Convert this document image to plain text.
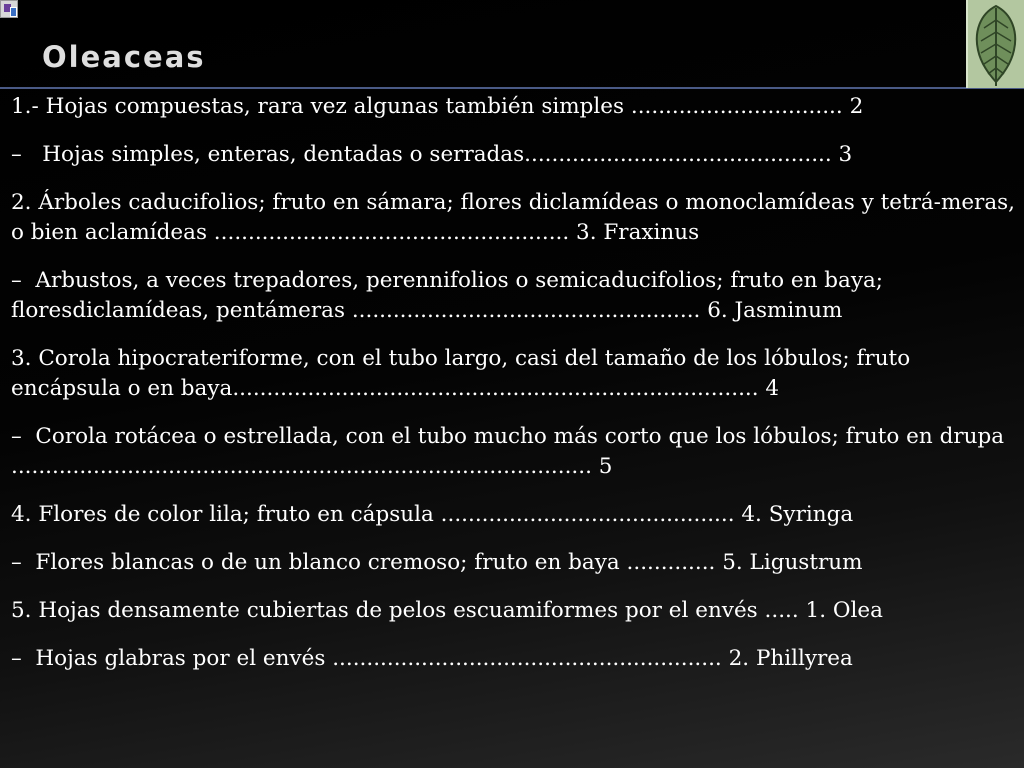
Oleaceas

1.- Hojas compuestas, rara vez algunas también simples ............................... 2

–   Hojas simples, enteras, dentadas o serradas............................................. 3

2. Árboles caducifolios; fruto en sámara; flores diclamídeas o monoclamídeas y tetrá-meras, o bien aclamídeas .................................................... 3. Fraxinus

–  Arbustos, a veces trepadores, perennifolios o semicaducifolios; fruto en baya; floresdiclamídeas, pentámeras ................................................... 6. Jasminum

3. Corola hipocrateriforme, con el tubo largo, casi del tamaño de los lóbulos; fruto encápsula o en baya............................................................................. 4

–  Corola rotácea o estrellada, con el tubo mucho más corto que los lóbulos; fruto en drupa ..................................................................................... 5

4. Flores de color lila; fruto en cápsula ........................................... 4. Syringa

–  Flores blancas o de un blanco cremoso; fruto en baya ............. 5. Ligustrum

5. Hojas densamente cubiertas de pelos escuamiformes por el envés ..... 1. Olea

–  Hojas glabras por el envés ......................................................... 2. Phillyrea
